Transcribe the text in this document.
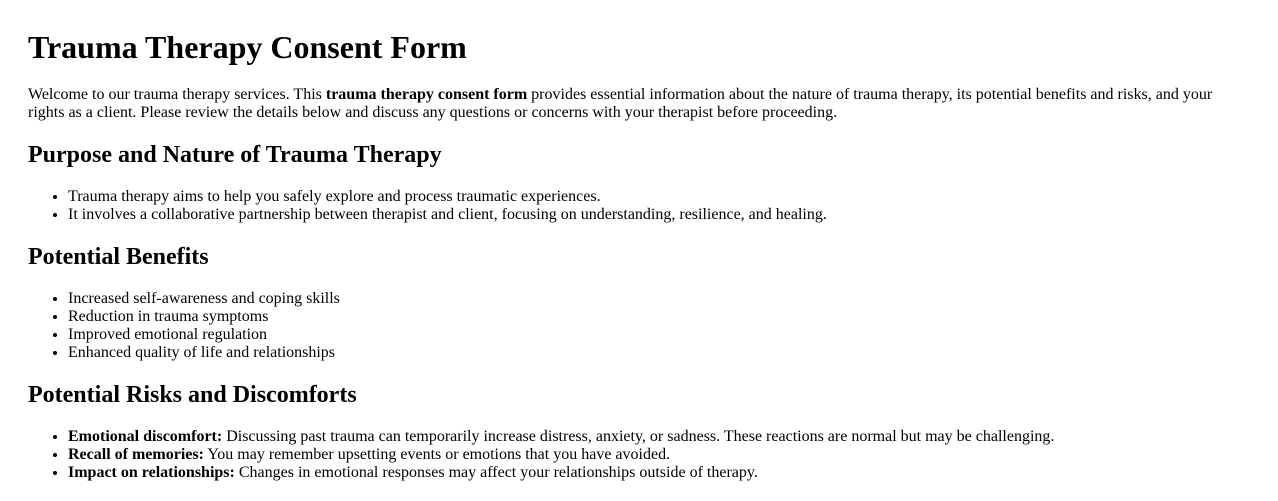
Trauma Therapy Consent Form

Welcome to our trauma therapy services. This trauma therapy consent form provides essential information about the nature of trauma therapy, its potential benefits and risks, and your rights as a client. Please review the details below and discuss any questions or concerns with your therapist before proceeding.

Purpose and Nature of Trauma Therapy
• Trauma therapy aims to help you safely explore and process traumatic experiences.
• It involves a collaborative partnership between therapist and client, focusing on understanding, resilience, and healing.
Potential Benefits
• Increased self-awareness and coping skills
• Reduction in trauma symptoms
• Improved emotional regulation
• Enhanced quality of life and relationships
Potential Risks and Discomforts
• Emotional discomfort: Discussing past trauma can temporarily increase distress, anxiety, or sadness. These reactions are normal but may be challenging.
• Recall of memories: You may remember upsetting events or emotions that you have avoided.
• Impact on relationships: Changes in emotional responses may affect your relationships outside of therapy.
